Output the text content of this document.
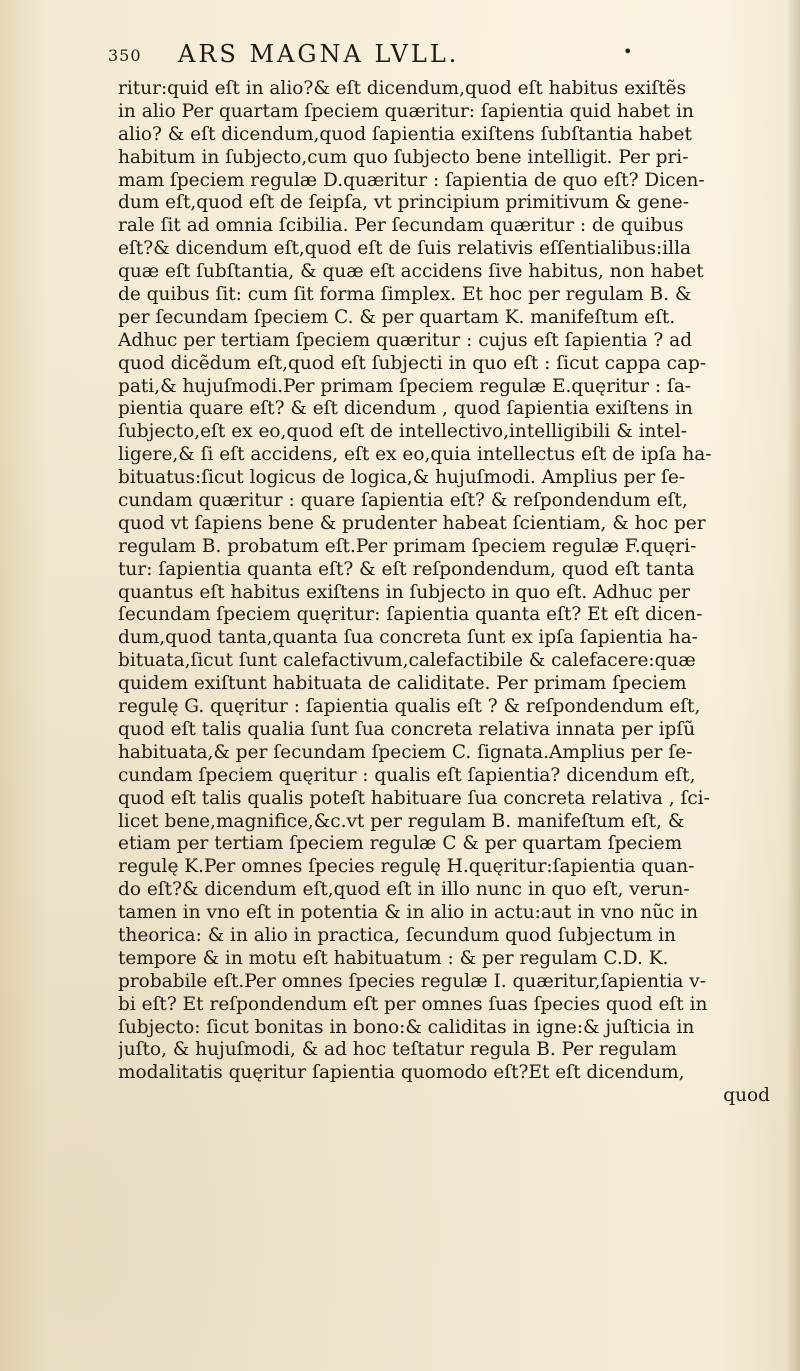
350 ARS MAGNA LVLL.	•
ritur:quid eſt in alio?& eſt dicendum,quod eſt habitus exiſtẽs
in alio Per quartam ſpeciem quæritur: ſapientia quid habet in
alio? & eſt dicendum,quod ſapientia exiſtens ſubſtantia habet
habitum in ſubjecto,cum quo ſubjecto bene intelligit. Per pri-
mam ſpeciem regulæ D.quæritur : ſapientia de quo eſt? Dicen-
dum eſt,quod eſt de ſeipſa, vt principium primitivum & gene-
rale ſit ad omnia ſcibilia. Per ſecundam quæritur : de quibus
eſt?& dicendum eſt,quod eſt de ſuis relativis eſſentialibus:illa
quæ eſt ſubſtantia, & quæ eſt accidens ſive habitus, non habet
de quibus ſit: cum ſit forma ſimplex. Et hoc per regulam B. &
per ſecundam ſpeciem C. & per quartam K. manifeſtum eſt.
Adhuc per tertiam ſpeciem quæritur : cujus eſt ſapientia ? ad
quod dicẽdum eſt,quod eſt ſubjecti in quo eſt : ſicut cappa cap-
pati,& hujuſmodi.Per primam ſpeciem regulæ E.quęritur : ſa-
pientia quare eſt? & eſt dicendum , quod ſapientia exiſtens in
ſubjecto,eſt ex eo,quod eſt de intellectivo,intelligibili & intel-
ligere,& ſi eſt accidens, eſt ex eo,quia intellectus eſt de ipſa ha-
bituatus:ſicut logicus de logica,& hujuſmodi. Amplius per ſe-
cundam quæritur : quare ſapientia eſt? & reſpondendum eſt,
quod vt ſapiens bene & prudenter habeat ſcientiam, & hoc per
regulam B. probatum eſt.Per primam ſpeciem regulæ F.quęri-
tur: ſapientia quanta eſt? & eſt reſpondendum, quod eſt tanta
quantus eſt habitus exiſtens in ſubjecto in quo eſt. Adhuc per
ſecundam ſpeciem quęritur: ſapientia quanta eſt? Et eſt dicen-
dum,quod tanta,quanta ſua concreta ſunt ex ipſa ſapientia ha-
bituata,ſicut ſunt calefactivum,calefactibile & calefacere:quæ
quidem exiſtunt habituata de caliditate. Per primam ſpeciem
regulę G. quęritur : ſapientia qualis eſt ? & reſpondendum eſt,
quod eſt talis qualia ſunt ſua concreta relativa innata per ipſũ
habituata,& per ſecundam ſpeciem C. ſignata.Amplius per ſe-
cundam ſpeciem quęritur : qualis eſt ſapientia? dicendum eſt,
quod eſt talis qualis poteſt habituare ſua concreta relativa , ſci-
licet bene,magnifice,&c.vt per regulam B. manifeſtum eſt, &
etiam per tertiam ſpeciem regulæ C & per quartam ſpeciem
regulę K.Per omnes ſpecies regulę H.quęritur:ſapientia quan-
do eſt?& dicendum eſt,quod eſt in illo nunc in quo eſt, verun-
tamen in vno eſt in potentia & in alio in actu:aut in vno nũc in
theorica: & in alio in practica, ſecundum quod ſubjectum in
tempore & in motu eſt habituatum : & per regulam C.D. K.
probabile eſt.Per omnes ſpecies regulæ I. quæritur,ſapientia v-
bi eſt? Et reſpondendum eſt per omnes ſuas ſpecies quod eſt in
ſubjecto: ſicut bonitas in bono:& caliditas in igne:& juſticia in
juſto, & hujuſmodi, & ad hoc teſtatur regula B. Per regulam
modalitatis quęritur ſapientia quomodo eſt?Et eſt dicendum,
quod
